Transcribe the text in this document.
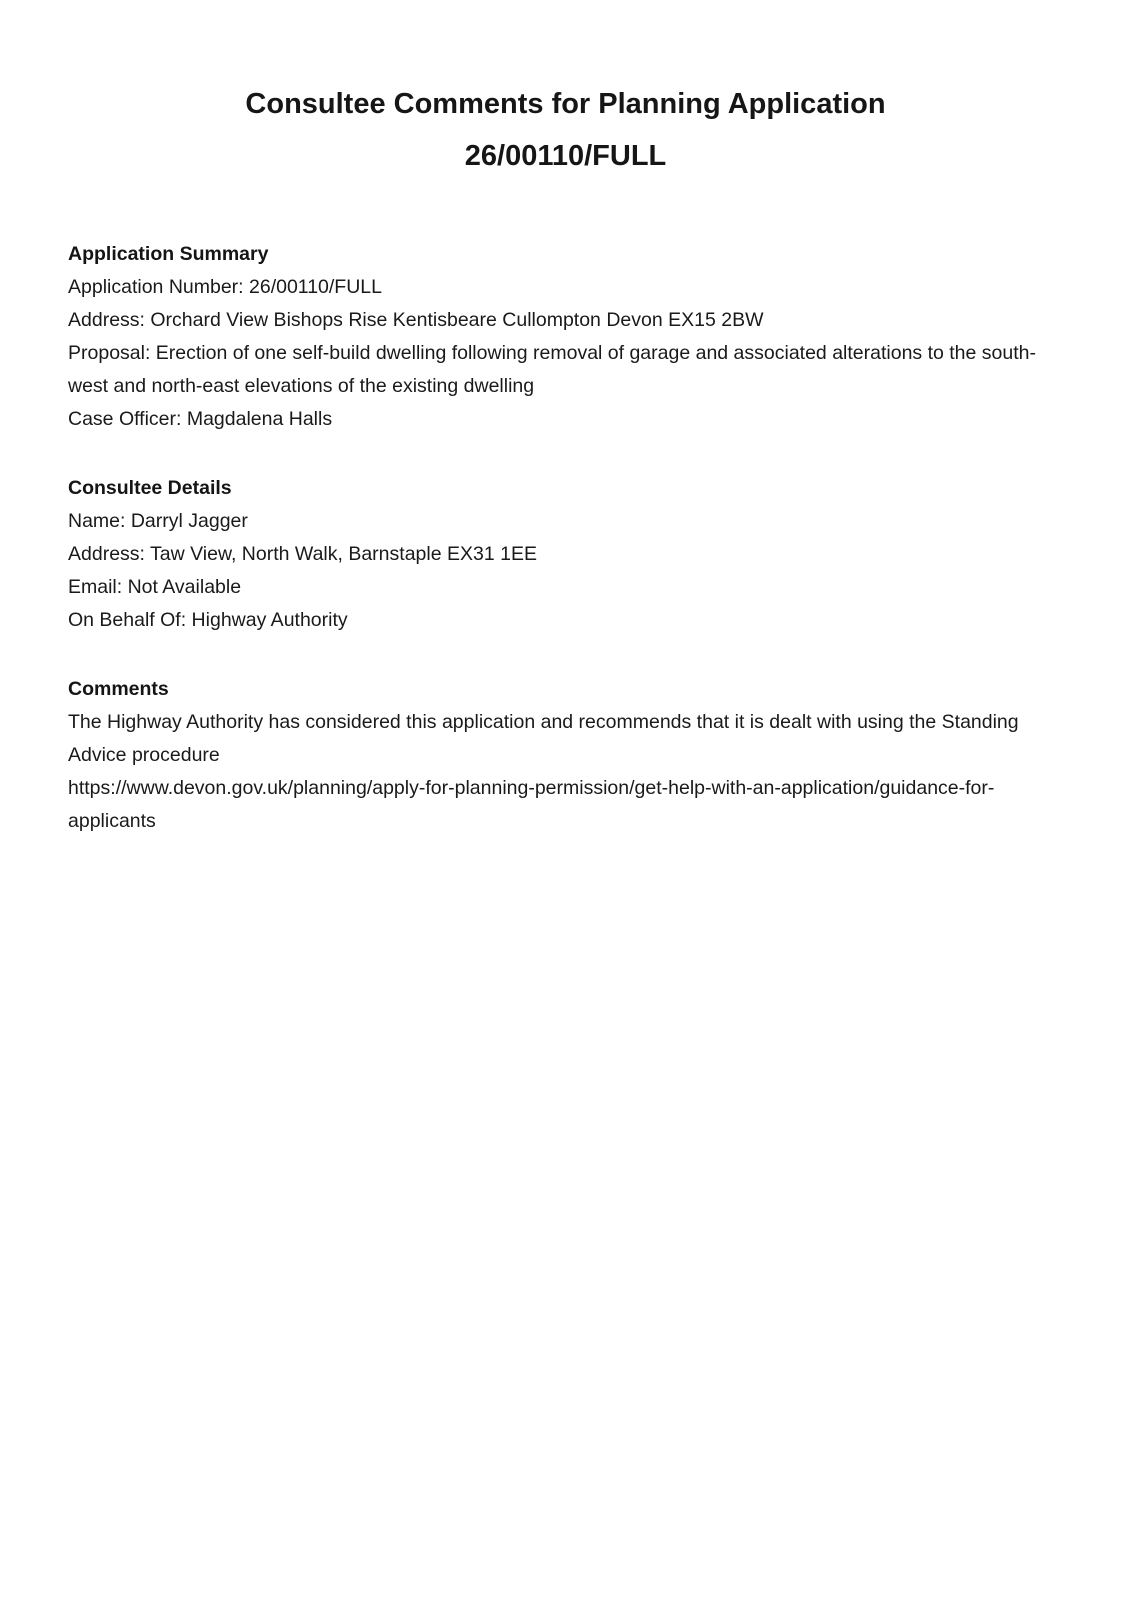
Consultee Comments for Planning Application
26/00110/FULL
Application Summary

Application Number: 26/00110/FULL

Address: Orchard View Bishops Rise Kentisbeare Cullompton Devon EX15 2BW

Proposal: Erection of one self-build dwelling following removal of garage and associated alterations to the south-west and north-east elevations of the existing dwelling

Case Officer: Magdalena Halls

Consultee Details

Name: Darryl Jagger

Address: Taw View, North Walk, Barnstaple EX31 1EE

Email: Not Available

On Behalf Of: Highway Authority

Comments

The Highway Authority has considered this application and recommends that it is dealt with using the Standing Advice procedure

https://www.devon.gov.uk/planning/apply-for-planning-permission/get-help-with-an-application/guidance-for-applicants
